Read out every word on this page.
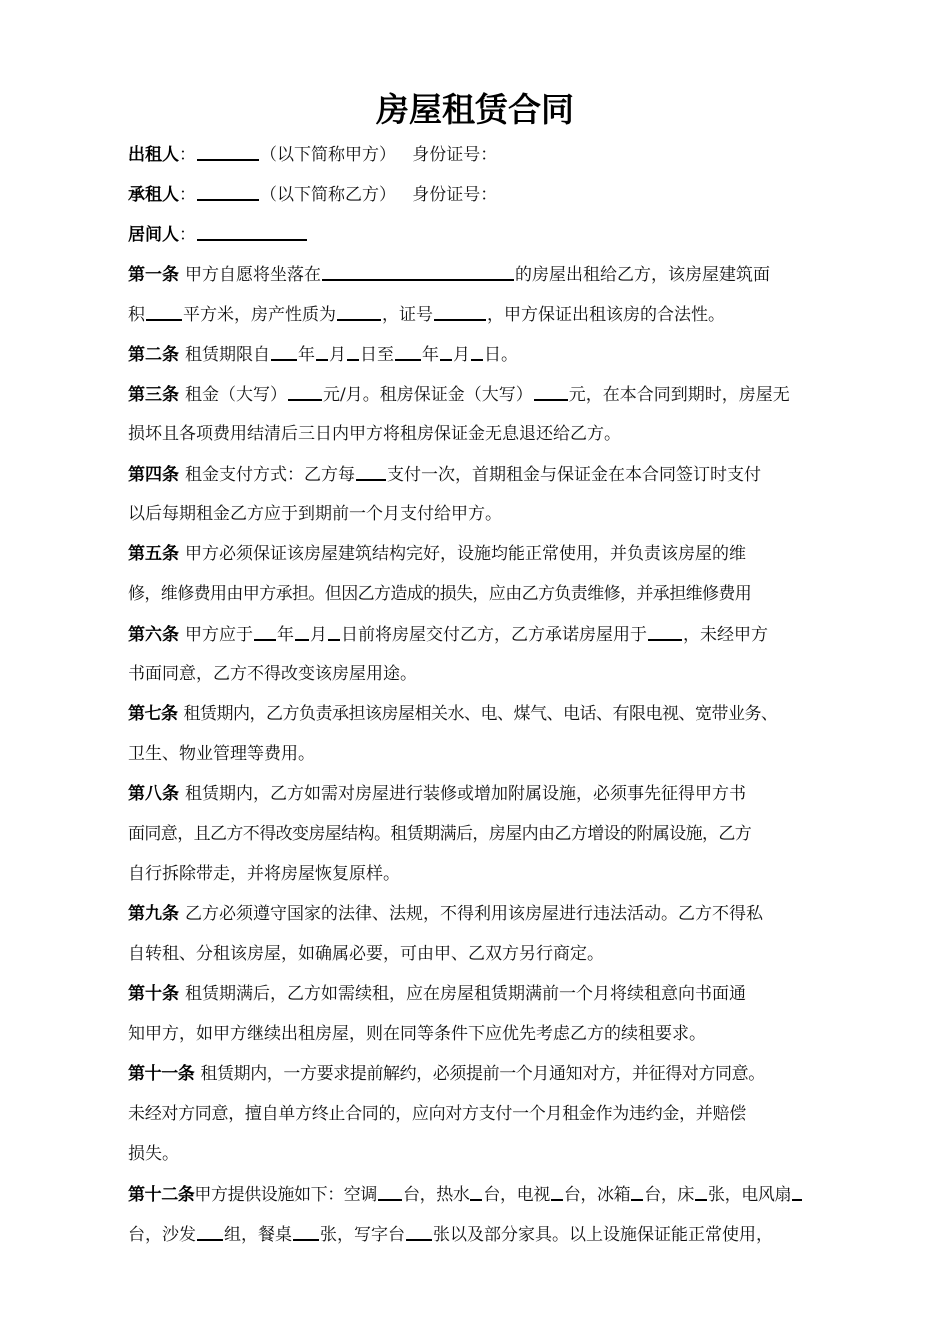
房屋租赁合同
出租人：	（以下简称甲方） 身份证号：
承租人：	（以下简称乙方） 身份证号：
居间人：
第一条 甲方自愿将坐落在	的房屋出租给乙方，该房屋建筑面
积 平方米，房产性质为	，证号	，甲方保证出租该房的合法性。
第二条 租赁期限自 年 月 日至 年 月 日。
第三条 租金（大写） 元/月。租房保证金（大写） 元，在本合同到期时，房屋无
损坏且各项费用结清后三日内甲方将租房保证金无息退还给乙方。
第四条 租金支付方式：乙方每 支付一次，首期租金与保证金在本合同签订时支付
以后每期租金乙方应于到期前一个月支付给甲方。
第五条 甲方必须保证该房屋建筑结构完好，设施均能正常使用，并负责该房屋的维
修，维修费用由甲方承担。但因乙方造成的损失，应由乙方负责维修，并承担维修费用
第六条 甲方应于 年 月 日前将房屋交付乙方，乙方承诺房屋用于 ，未经甲方
书面同意，乙方不得改变该房屋用途。
第七条 租赁期内，乙方负责承担该房屋相关水、电、煤气、电话、有限电视、宽带业务、
卫生、物业管理等费用。
第八条 租赁期内，乙方如需对房屋进行装修或增加附属设施，必须事先征得甲方书
面同意，且乙方不得改变房屋结构。租赁期满后，房屋内由乙方增设的附属设施，乙方
自行拆除带走，并将房屋恢复原样。
第九条 乙方必须遵守国家的法律、法规，不得利用该房屋进行违法活动。乙方不得私
自转租、分租该房屋，如确属必要，可由甲、乙双方另行商定。
第十条 租赁期满后，乙方如需续租，应在房屋租赁期满前一个月将续租意向书面通
知甲方，如甲方继续出租房屋，则在同等条件下应优先考虑乙方的续租要求。
第十一条 租赁期内，一方要求提前解约，必须提前一个月通知对方，并征得对方同意。
未经对方同意，擅自单方终止合同的，应向对方支付一个月租金作为违约金，并赔偿
损失。
第十二条甲方提供设施如下：空调 台，热水 台，电视 台，冰箱 台，床 张，电风扇
台，沙发 组，餐桌 张，写字台 张以及部分家具。以上设施保证能正常使用，
